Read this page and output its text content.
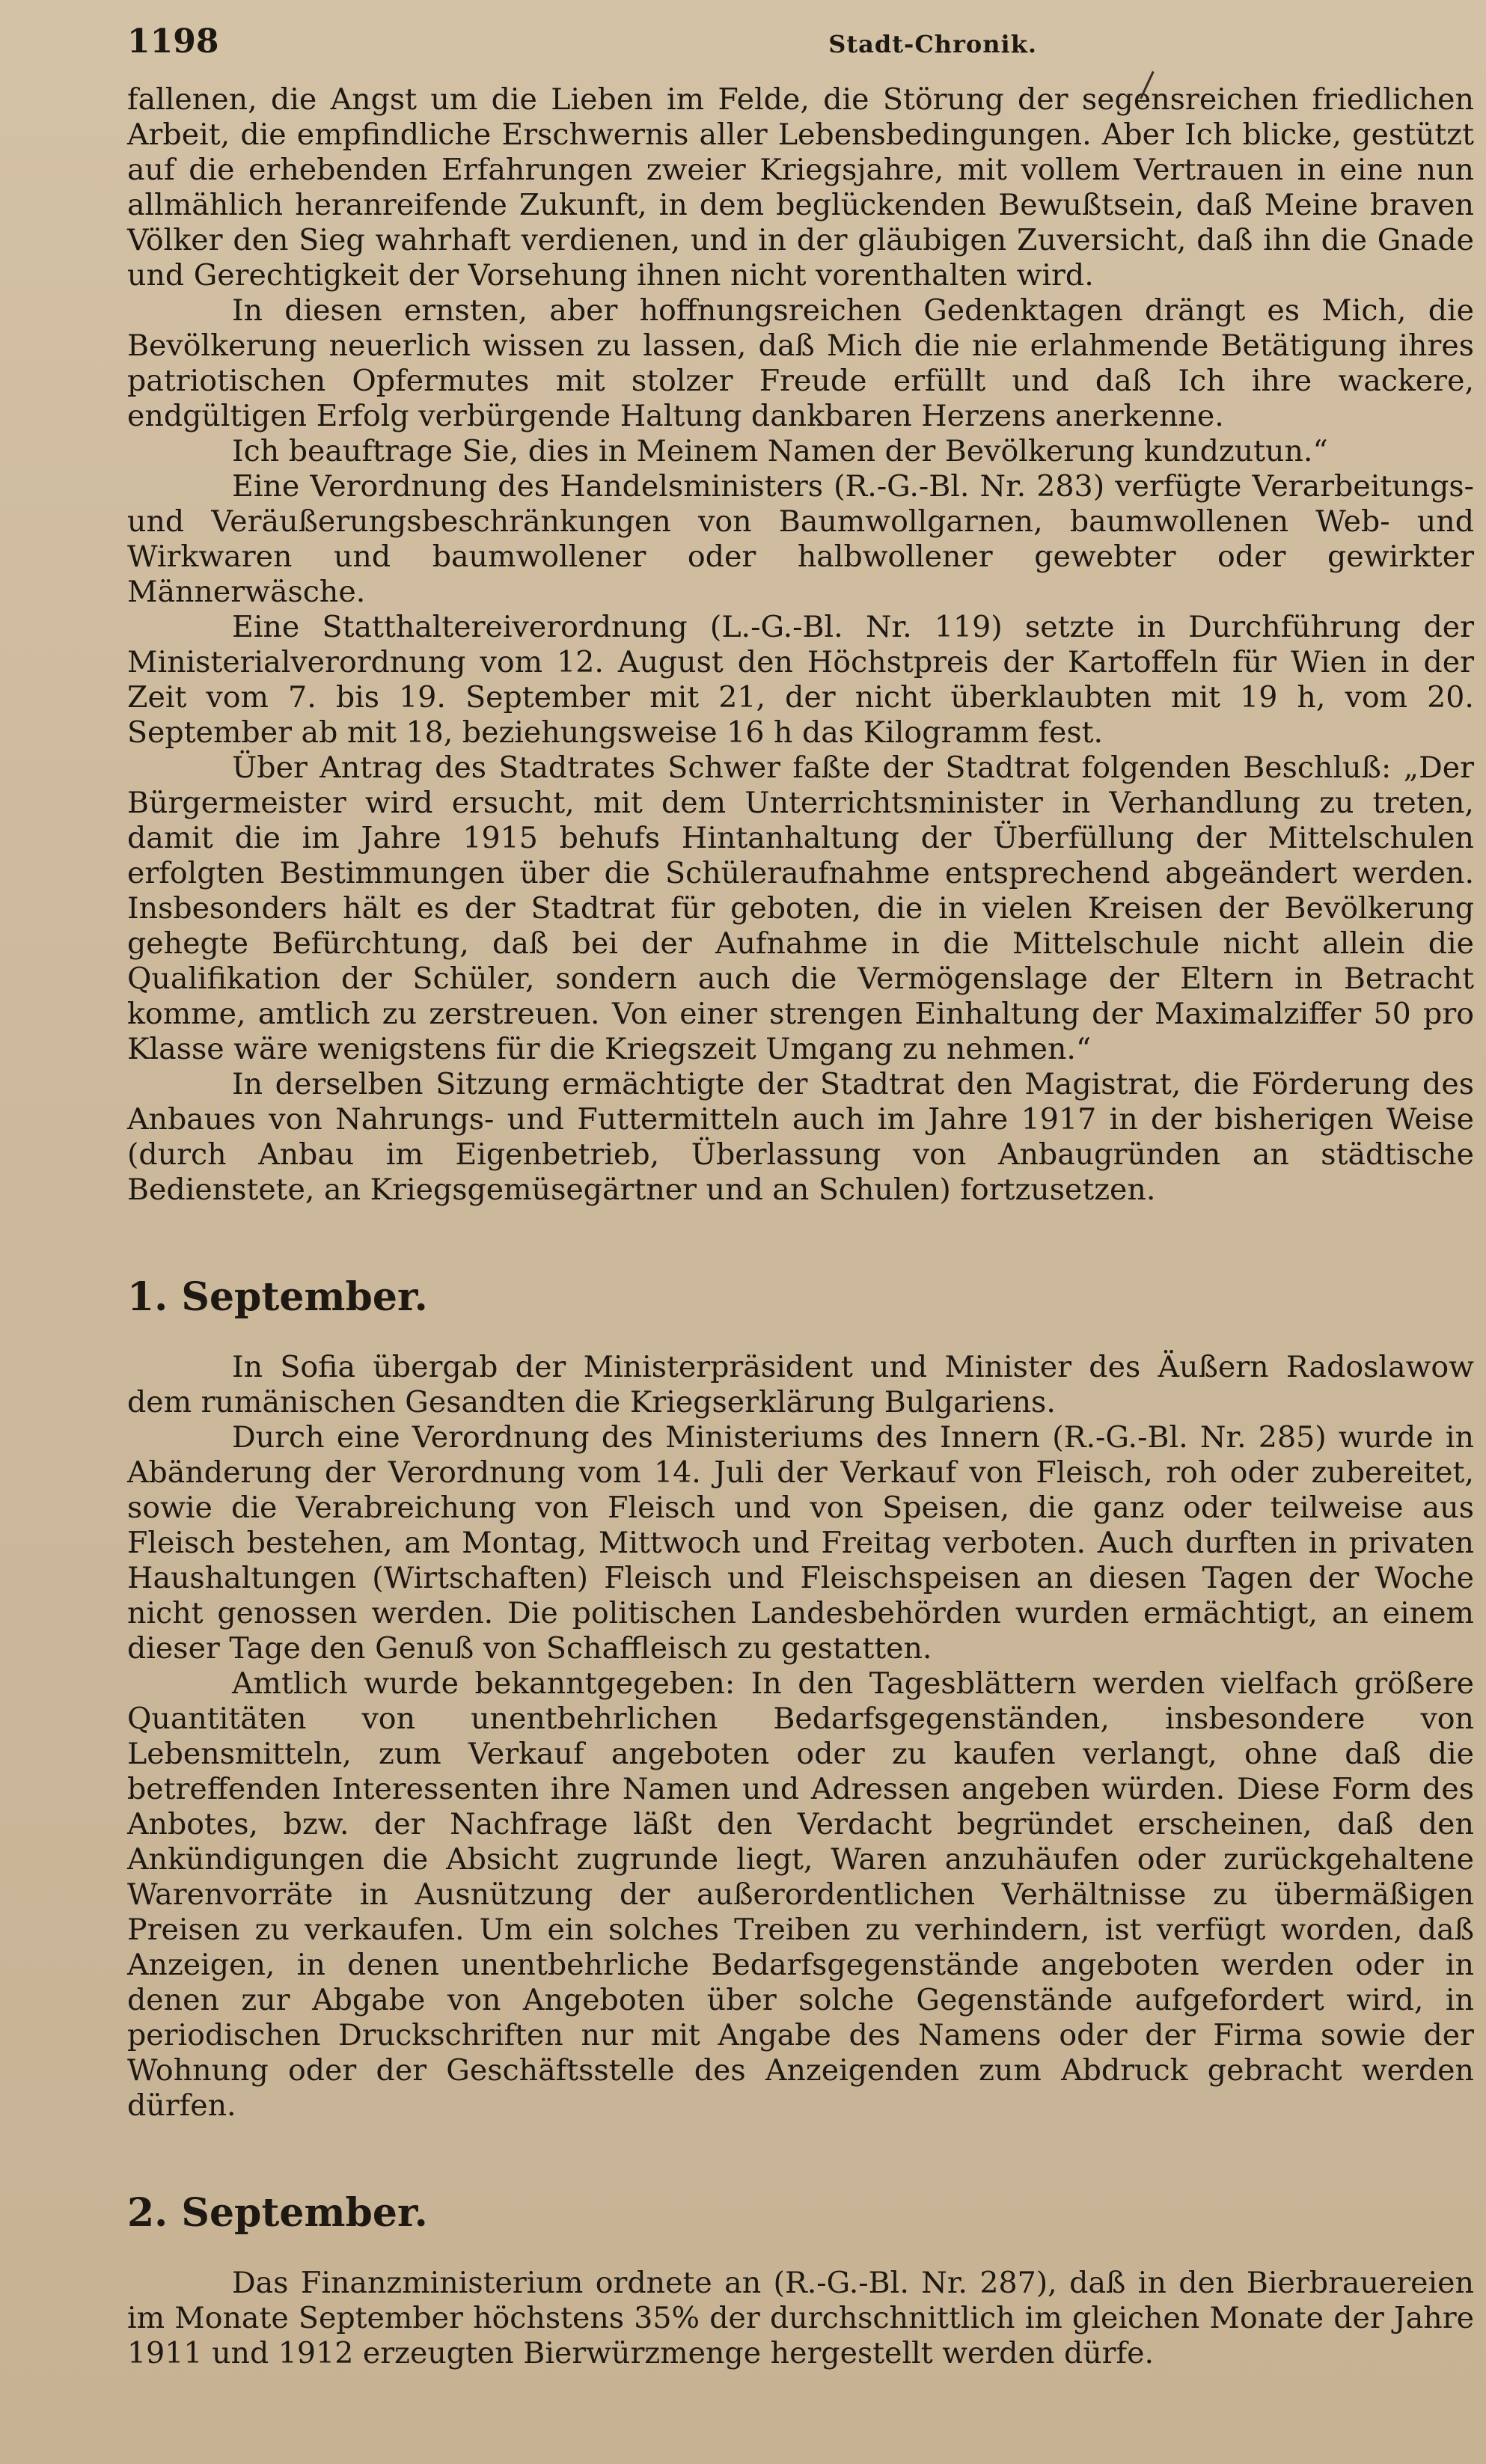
1198	Stadt-Chronik.

fallenen, die Angst um die Lieben im Felde, die Störung der segensreichen friedlichen Arbeit, die empfindliche Erschwernis aller Lebensbedingungen. Aber Ich blicke, gestützt auf die erhebenden Erfahrungen zweier Kriegsjahre, mit vollem Vertrauen in eine nun allmählich heranreifende Zukunft, in dem beglückenden Bewußtsein, daß Meine braven Völker den Sieg wahrhaft verdienen, und in der gläubigen Zuversicht, daß ihn die Gnade und Gerechtigkeit der Vorsehung ihnen nicht vorenthalten wird.

In diesen ernsten, aber hoffnungsreichen Gedenktagen drängt es Mich, die Bevölkerung neuerlich wissen zu lassen, daß Mich die nie erlahmende Betätigung ihres patriotischen Opfermutes mit stolzer Freude erfüllt und daß Ich ihre wackere, endgültigen Erfolg verbürgende Haltung dankbaren Herzens anerkenne.

Ich beauftrage Sie, dies in Meinem Namen der Bevölkerung kundzutun.“

Eine Verordnung des Handelsministers (R.-G.-Bl. Nr. 283) verfügte Verarbeitungs- und Veräußerungsbeschränkungen von Baumwollgarnen, baumwollenen Web- und Wirkwaren und baumwollener oder halbwollener gewebter oder gewirkter Männerwäsche.

Eine Statthaltereiverordnung (L.-G.-Bl. Nr. 119) setzte in Durchführung der Ministerialverordnung vom 12. August den Höchstpreis der Kartoffeln für Wien in der Zeit vom 7. bis 19. September mit 21, der nicht überklaubten mit 19 h, vom 20. September ab mit 18, beziehungsweise 16 h das Kilogramm fest.

Über Antrag des Stadtrates Schwer faßte der Stadtrat folgenden Beschluß: „Der Bürgermeister wird ersucht, mit dem Unterrichtsminister in Verhandlung zu treten, damit die im Jahre 1915 behufs Hintanhaltung der Überfüllung der Mittelschulen erfolgten Bestimmungen über die Schüleraufnahme entsprechend abgeändert werden. Insbesonders hält es der Stadtrat für geboten, die in vielen Kreisen der Bevölkerung gehegte Befürchtung, daß bei der Aufnahme in die Mittelschule nicht allein die Qualifikation der Schüler, sondern auch die Vermögenslage der Eltern in Betracht komme, amtlich zu zerstreuen. Von einer strengen Einhaltung der Maximalziffer 50 pro Klasse wäre wenigstens für die Kriegszeit Umgang zu nehmen.“

In derselben Sitzung ermächtigte der Stadtrat den Magistrat, die Förderung des Anbaues von Nahrungs- und Futtermitteln auch im Jahre 1917 in der bisherigen Weise (durch Anbau im Eigenbetrieb, Überlassung von Anbaugründen an städtische Bedienstete, an Kriegsgemüsegärtner und an Schulen) fortzusetzen.

1. September.

In Sofia übergab der Ministerpräsident und Minister des Äußern Radoslawow dem rumänischen Gesandten die Kriegserklärung Bulgariens.

Durch eine Verordnung des Ministeriums des Innern (R.-G.-Bl. Nr. 285) wurde in Abänderung der Verordnung vom 14. Juli der Verkauf von Fleisch, roh oder zubereitet, sowie die Verabreichung von Fleisch und von Speisen, die ganz oder teilweise aus Fleisch bestehen, am Montag, Mittwoch und Freitag verboten. Auch durften in privaten Haushaltungen (Wirtschaften) Fleisch und Fleischspeisen an diesen Tagen der Woche nicht genossen werden. Die politischen Landesbehörden wurden ermächtigt, an einem dieser Tage den Genuß von Schaffleisch zu gestatten.

Amtlich wurde bekanntgegeben: In den Tagesblättern werden vielfach größere Quantitäten von unentbehrlichen Bedarfsgegenständen, insbesondere von Lebensmitteln, zum Verkauf angeboten oder zu kaufen verlangt, ohne daß die betreffenden Interessenten ihre Namen und Adressen angeben würden. Diese Form des Anbotes, bzw. der Nachfrage läßt den Verdacht begründet erscheinen, daß den Ankündigungen die Absicht zugrunde liegt, Waren anzuhäufen oder zurückgehaltene Warenvorräte in Ausnützung der außerordentlichen Verhältnisse zu übermäßigen Preisen zu verkaufen. Um ein solches Treiben zu verhindern, ist verfügt worden, daß Anzeigen, in denen unentbehrliche Bedarfsgegenstände angeboten werden oder in denen zur Abgabe von Angeboten über solche Gegenstände aufgefordert wird, in periodischen Druckschriften nur mit Angabe des Namens oder der Firma sowie der Wohnung oder der Geschäftsstelle des Anzeigenden zum Abdruck gebracht werden dürfen.

2. September.

Das Finanzministerium ordnete an (R.-G.-Bl. Nr. 287), daß in den Bierbrauereien im Monate September höchstens 35% der durchschnittlich im gleichen Monate der Jahre 1911 und 1912 erzeugten Bierwürzmenge hergestellt werden dürfe.
